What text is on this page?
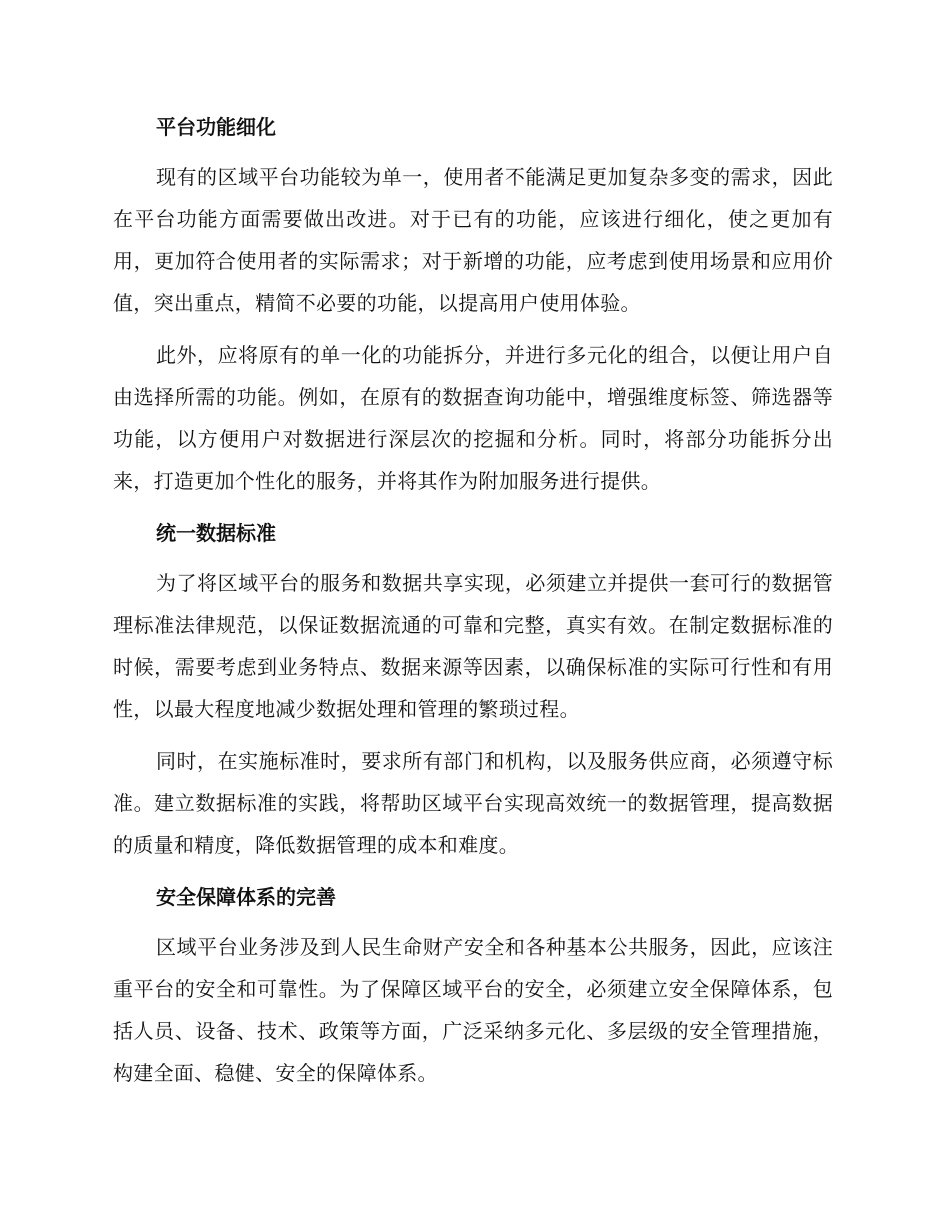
平台功能细化

现有的区域平台功能较为单一，使用者不能满足更加复杂多变的需求，因此在平台功能方面需要做出改进。对于已有的功能，应该进行细化，使之更加有用，更加符合使用者的实际需求；对于新增的功能，应考虑到使用场景和应用价值，突出重点，精简不必要的功能，以提高用户使用体验。

此外，应将原有的单一化的功能拆分，并进行多元化的组合，以便让用户自由选择所需的功能。例如，在原有的数据查询功能中，增强维度标签、筛选器等功能，以方便用户对数据进行深层次的挖掘和分析。同时，将部分功能拆分出来，打造更加个性化的服务，并将其作为附加服务进行提供。

统一数据标准

为了将区域平台的服务和数据共享实现，必须建立并提供一套可行的数据管理标准法律规范，以保证数据流通的可靠和完整，真实有效。在制定数据标准的时候，需要考虑到业务特点、数据来源等因素，以确保标准的实际可行性和有用性，以最大程度地减少数据处理和管理的繁琐过程。

同时，在实施标准时，要求所有部门和机构，以及服务供应商，必须遵守标准。建立数据标准的实践，将帮助区域平台实现高效统一的数据管理，提高数据的质量和精度，降低数据管理的成本和难度。

安全保障体系的完善

区域平台业务涉及到人民生命财产安全和各种基本公共服务，因此，应该注重平台的安全和可靠性。为了保障区域平台的安全，必须建立安全保障体系，包括人员、设备、技术、政策等方面，广泛采纳多元化、多层级的安全管理措施，构建全面、稳健、安全的保障体系。
